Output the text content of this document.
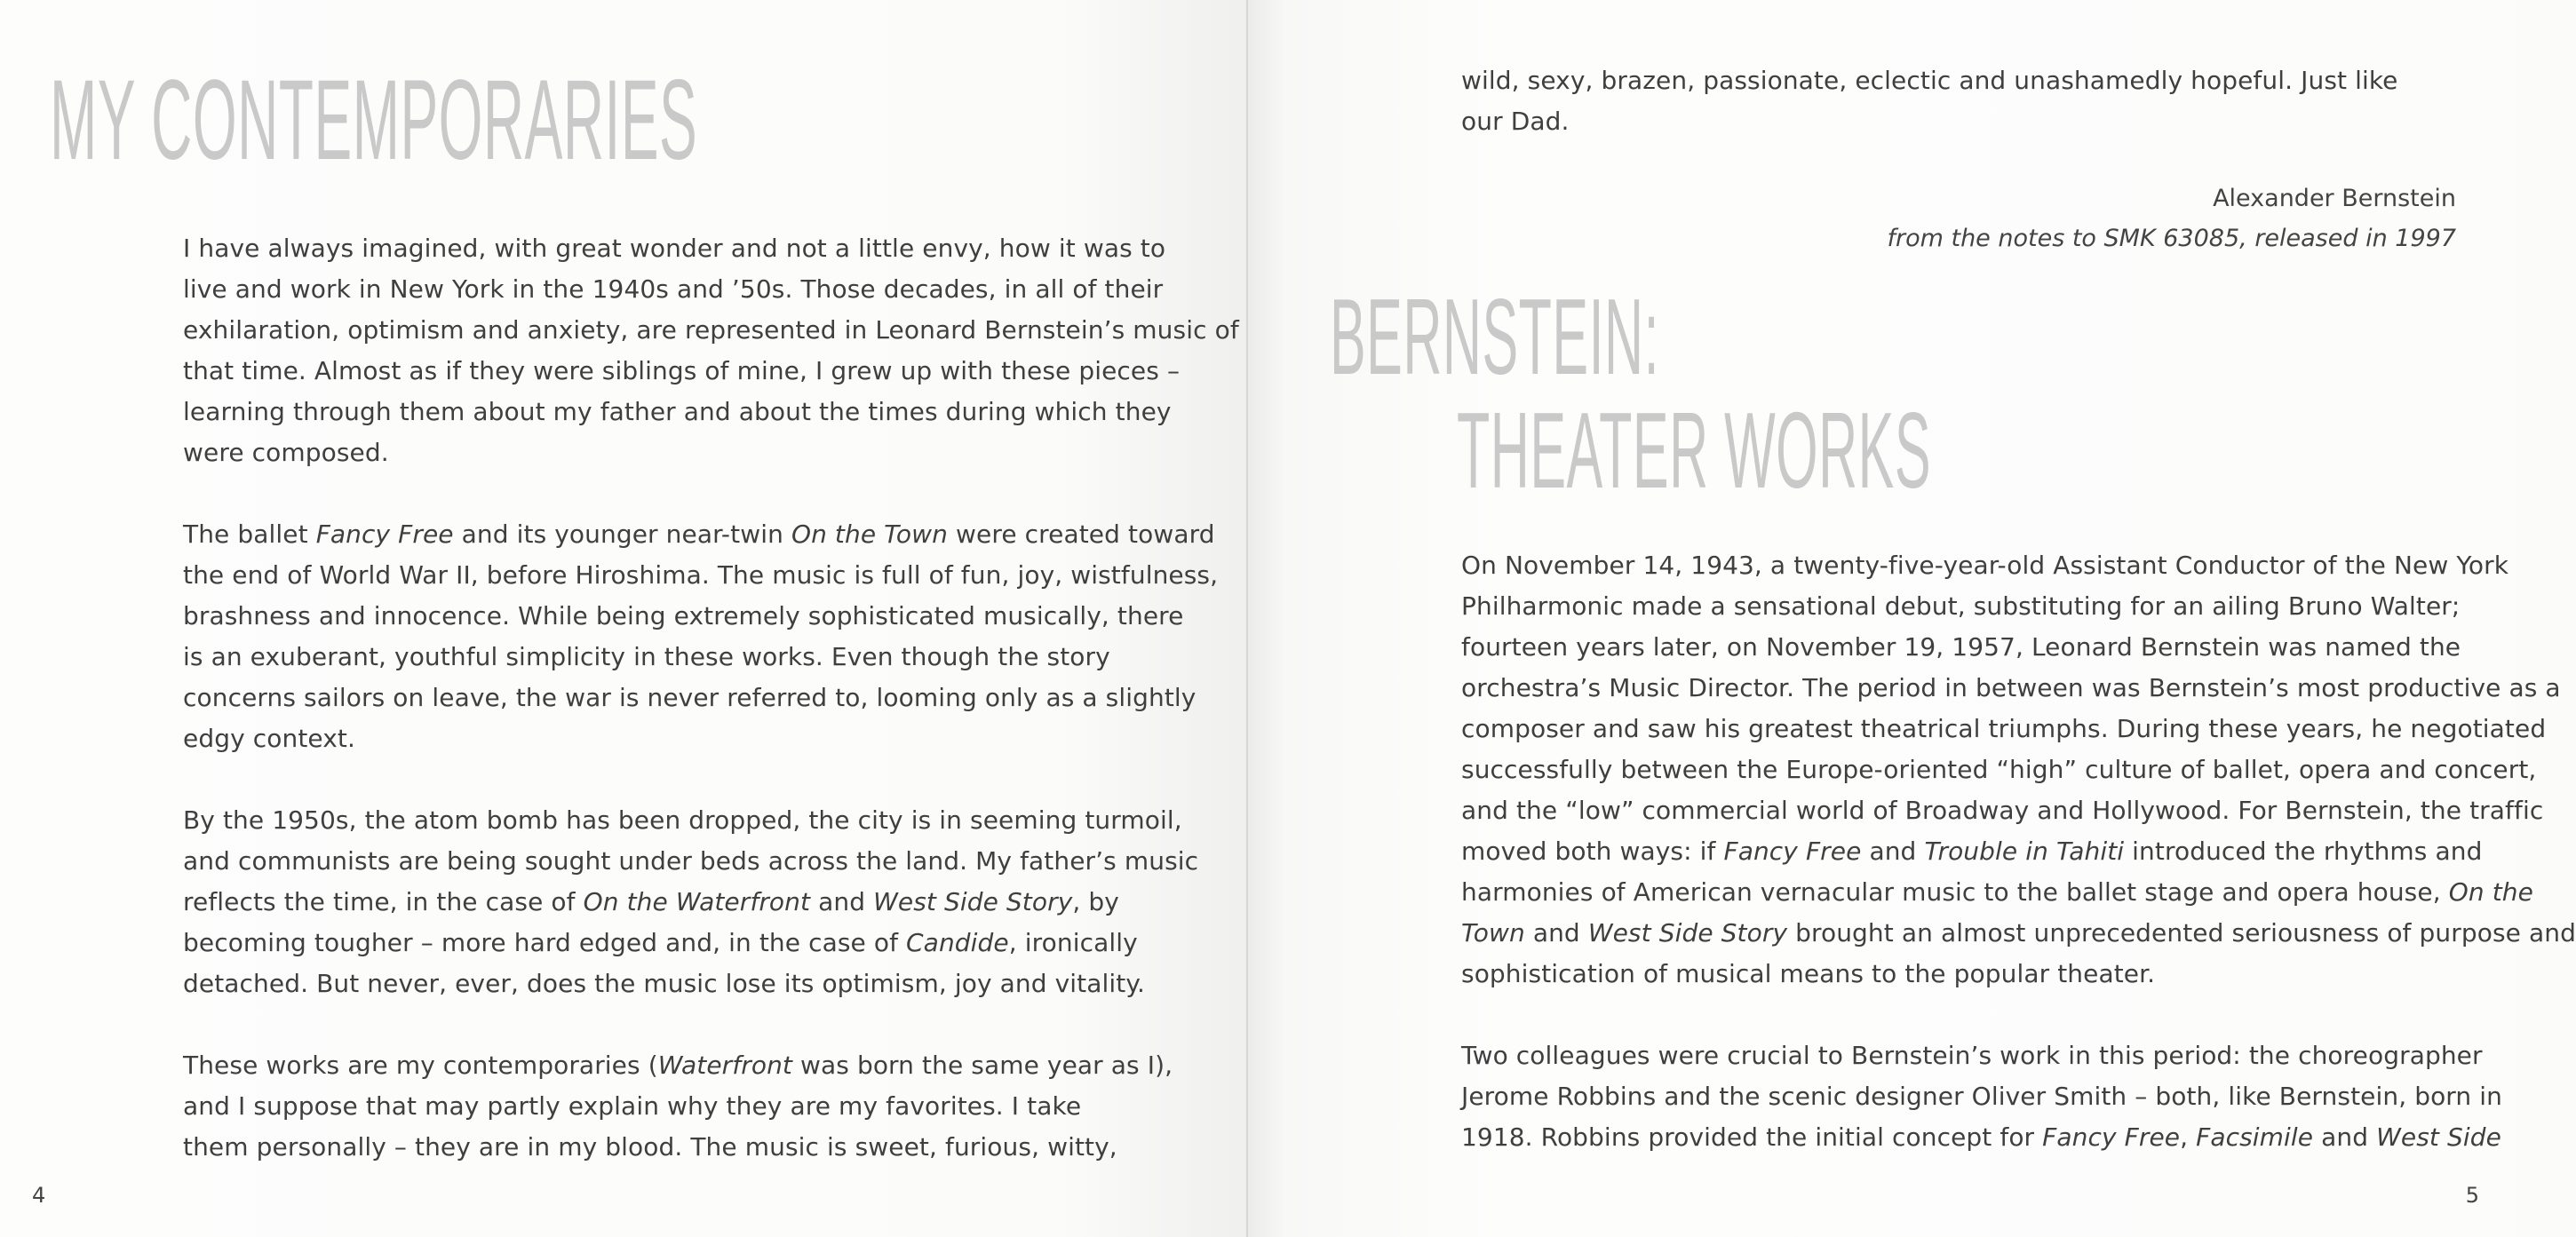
MY CONTEMPORARIES
I have always imagined, with great wonder and not a little envy, how it was to
live and work in New York in the 1940s and ’50s. Those decades, in all of their
exhilaration, optimism and anxiety, are represented in Leonard Bernstein’s music of
that time. Almost as if they were siblings of mine, I grew up with these pieces –
learning through them about my father and about the times during which they
were composed.
The ballet Fancy Free and its younger near-twin On the Town were created toward
the end of World War II, before Hiroshima. The music is full of fun, joy, wistfulness,
brashness and innocence. While being extremely sophisticated musically, there
is an exuberant, youthful simplicity in these works. Even though the story
concerns sailors on leave, the war is never referred to, looming only as a slightly
edgy context.
By the 1950s, the atom bomb has been dropped, the city is in seeming turmoil,
and communists are being sought under beds across the land. My father’s music
reflects the time, in the case of On the Waterfront and West Side Story, by
becoming tougher – more hard edged and, in the case of Candide, ironically
detached. But never, ever, does the music lose its optimism, joy and vitality.
These works are my contemporaries (Waterfront was born the same year as I),
and I suppose that may partly explain why they are my favorites. I take
them personally – they are in my blood. The music is sweet, furious, witty,

4

wild, sexy, brazen, passionate, eclectic and unashamedly hopeful. Just like
our Dad.

Alexander Bernstein

from the notes to SMK 63085, released in 1997

BERNSTEIN:
THEATER WORKS
On November 14, 1943, a twenty-five-year-old Assistant Conductor of the New York
Philharmonic made a sensational debut, substituting for an ailing Bruno Walter;
fourteen years later, on November 19, 1957, Leonard Bernstein was named the
orchestra’s Music Director. The period in between was Bernstein’s most productive as a
composer and saw his greatest theatrical triumphs. During these years, he negotiated
successfully between the Europe-oriented “high” culture of ballet, opera and concert,
and the “low” commercial world of Broadway and Hollywood. For Bernstein, the traffic
moved both ways: if Fancy Free and Trouble in Tahiti introduced the rhythms and
harmonies of American vernacular music to the ballet stage and opera house, On the
Town and West Side Story brought an almost unprecedented seriousness of purpose and
sophistication of musical means to the popular theater.
Two colleagues were crucial to Bernstein’s work in this period: the choreographer
Jerome Robbins and the scenic designer Oliver Smith – both, like Bernstein, born in
1918. Robbins provided the initial concept for Fancy Free, Facsimile and West Side

5
